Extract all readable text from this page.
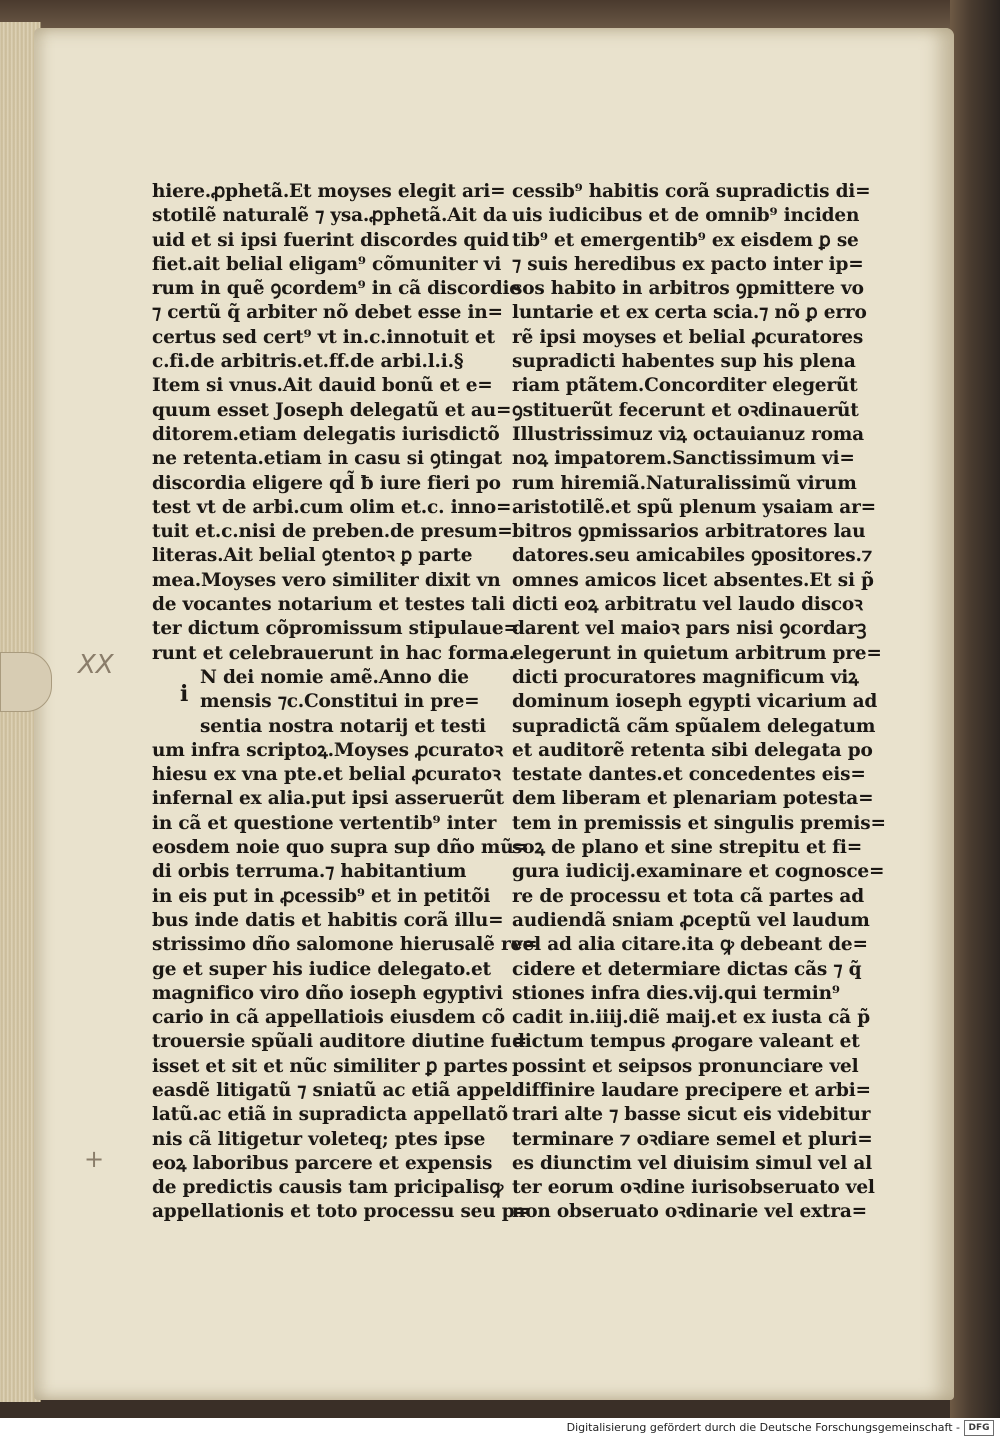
XX
+
hiere.ꝓphetã.Et moyses elegit ari=
stotilẽ naturalẽ ⁊ ysa.ꝓphetã.Ait da
uid et si ipsi fuerint discordes quid
fiet.ait belial eligam⁹ cõmuniter vi
rum in quẽ ꝯcordem⁹ in cã discordie
⁊ certũ q̃ arbiter nõ debet esse in=
certus sed cert⁹ vt in.c.innotuit et
c.fi.de arbitris.et.ff.de arbi.l.i.§
Item si vnus.Ait dauid bonũ et e=
quum esset Joseph delegatũ et au=
ditorem.etiam delegatis iurisdictõ
ne retenta.etiam in casu si ꝯtingat
discordia eligere qd̃ ƀ iure fieri po
test vt de arbi.cum olim et.c. inno=
tuit et.c.nisi de preben.de presum=
literas.Ait belial ꝯtentoꝛ ꝑ parte
mea.Moyses vero similiter dixit vn
de vocantes notarium et testes tali
ter dictum cõpromissum stipulaue=
runt et celebrauerunt in hac forma.
N dei nomie amẽ.Anno die
mensis ⁊c.Constitui in pre=
sentia nostra notarij et testi
um infra scriptoꝝ.Moyses ꝓcuratoꝛ
hiesu ex vna pte.et belial ꝓcuratoꝛ
infernal ex alia.put ipsi asseruerũt
in cã et questione vertentib⁹ inter
eosdem noie quo supra sup dño mũ=
di orbis terruma.⁊ habitantium
in eis put in ꝓcessib⁹ et in petitõi
bus inde datis et habitis corã illu=
strissimo dño salomone hierusalẽ re=
ge et super his iudice delegato.et
magnifico viro dño ioseph egyptivi
cario in cã appellatiois eiusdem cõ
trouersie spũali auditore diutine fu=
isset et sit et nũc similiter ꝑ partes
easdẽ litigatũ ⁊ sniatũ ac etiã appel
latũ.ac etiã in supradicta appellatõ
nis cã litigetur voleteq; ptes ipse
eoꝝ laboribus parcere et expensis
de predictis causis tam pricipalisꝙ
appellationis et toto processu seu p=
cessib⁹ habitis corã supradictis di=
uis iudicibus et de omnib⁹ inciden
tib⁹ et emergentib⁹ ex eisdem ꝑ se
⁊ suis heredibus ex pacto inter ip=
sos habito in arbitros ꝯpmittere vo
luntarie et ex certa scia.⁊ nõ ꝑ erro
rẽ ipsi moyses et belial ꝓcuratores
supradicti habentes sup his plena
riam ptãtem.Concorditer elegerũt
ꝯstituerũt fecerunt et oꝛdinauerũt
Illustrissimuz viꝝ octauianuz roma
noꝝ impatorem.Sanctissimum vi=
rum hiremiã.Naturalissimũ virum
aristotilẽ.et spũ plenum ysaiam ar=
bitros ꝯpmissarios arbitratores lau
datores.seu amicabiles ꝯpositores.⁊
omnes amicos licet absentes.Et si p̃
dicti eoꝝ arbitratu vel laudo discoꝛ
darent vel maioꝛ pars nisi ꝯcordarꝫ
elegerunt in quietum arbitrum pre=
dicti procuratores magnificum viꝝ
dominum ioseph egypti vicarium ad
supradictã cãm spũalem delegatum
et auditorẽ retenta sibi delegata po
testate dantes.et concedentes eis=
dem liberam et plenariam potesta=
tem in premissis et singulis premis=
soꝝ de plano et sine strepitu et fi=
gura iudicij.examinare et cognosce=
re de processu et tota cã partes ad
audiendã sniam ꝓceptũ vel laudum
vel ad alia citare.ita ꝙ debeant de=
cidere et determiare dictas cãs ⁊ q̃
stiones infra dies.vij.qui termin⁹
cadit in.iiij.diẽ maij.et ex iusta cã p̃
dictum tempus ꝓrogare valeant et
possint et seipsos pronunciare vel
diffinire laudare precipere et arbi=
trari alte ⁊ basse sicut eis videbitur
terminare ⁊ oꝛdiare semel et pluri=
es diunctim vel diuisim simul vel al
ter eorum oꝛdine iurisobseruato vel
non obseruato oꝛdinarie vel extra=
i
Digitalisierung gefördert durch die Deutsche Forschungsgemeinschaft - DFG
